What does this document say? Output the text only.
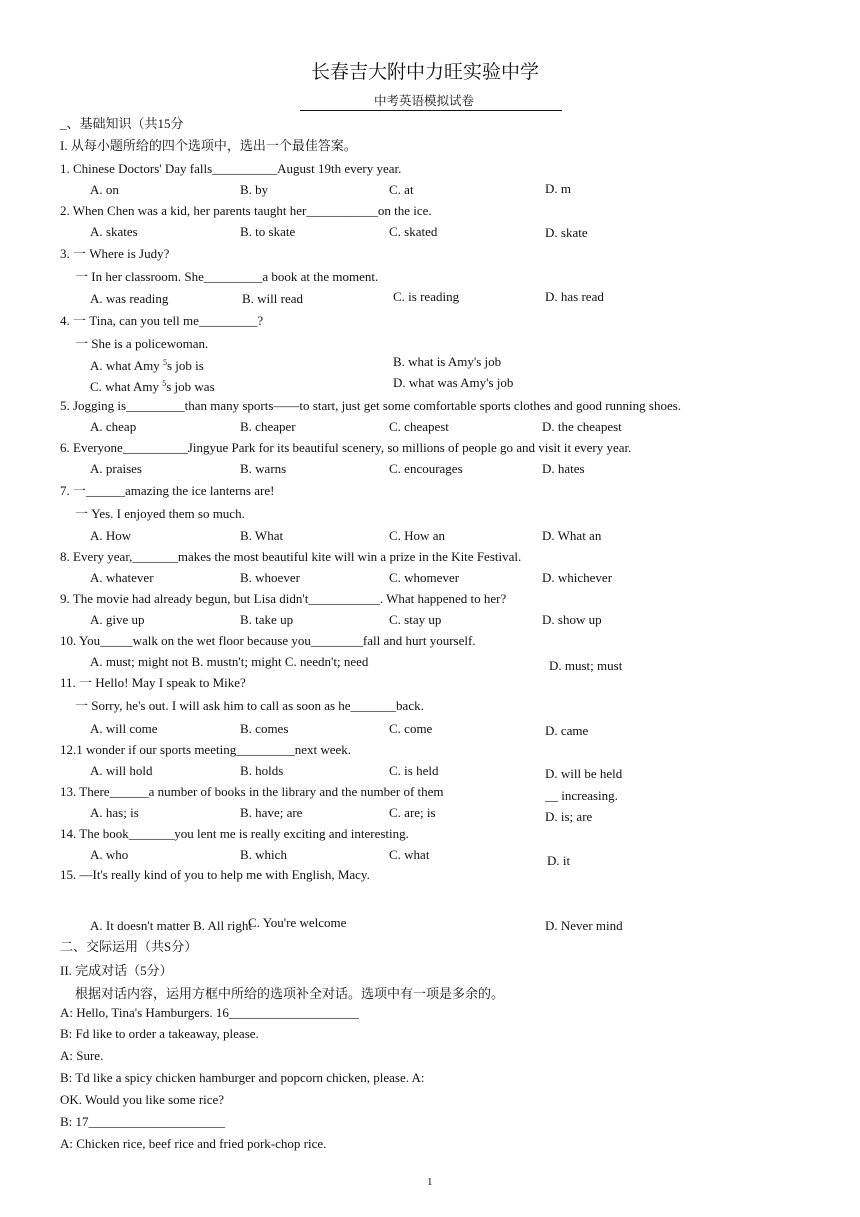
长春吉大附中力旺实验中学
中考英语模拟试卷
_、基础知识（共15分
I. 从每小题所给的四个选项中，选出一个最佳答案。
1. Chinese Doctors' Day falls__________August 19th every year.
A. on	B. by	C. at	D. m
2. When Chen was a kid, her parents taught her___________on the ice.
A. skates	B. to skate	C. skated	D. skate
3. 一 Where is Judy?
一 In her classroom. She_________a book at the moment.
A. was reading	B. will read	C. is reading	D. has read
4. 一 Tina, can you tell me_________?
一 She is a policewoman.
A. what Amy $^5$s job is	B. what is Amy's job
C. what Amy $^5$s job was	D. what was Amy's job
5. Jogging is_________than many sports——to start, just get some comfortable sports clothes and good running shoes.
A. cheap	B. cheaper	C. cheapest	D. the cheapest
6. Everyone__________Jingyue Park for its beautiful scenery, so millions of people go and visit it every year.
A. praises	B. warns	C. encourages	D. hates
7. 一______amazing the ice lanterns are!
一 Yes. I enjoyed them so much.
A. How	B. What	C. How an	D. What an
8. Every year,_______makes the most beautiful kite will win a prize in the Kite Festival.
A. whatever	B. whoever	C. whomever	D. whichever
9. The movie had already begun, but Lisa didn't___________. What happened to her?
A. give up	B. take up	C. stay up	D. show up
10. You_____walk on the wet floor because you________fall and hurt yourself.
A. must; might not B. mustn't; might C. needn't; need	D. must; must
11. 一 Hello! May I speak to Mike?
一 Sorry, he's out. I will ask him to call as soon as he_______back.
A. will come	B. comes	C. come	D. came
12.1 wonder if our sports meeting_________next week.
A. will hold	B. holds	C. is held	D. will be held
13. There______a number of books in the library and the number of them	__ increasing.
A. has; is	B. have; are	C. are; is	D. is; are
14. The book_______you lent me is really exciting and interesting.
A. who	B. which	C. what	D. it
15. —It's really kind of you to help me with English, Macy.
A. It doesn't matter B. All right
C. You're welcome	D. Never mind
二、交际运用（共S分）
II. 完成对话（5分）
根据对话内容，运用方框中所给的选项补全对话。选项中有一项是多余的。
A: Hello, Tina's Hamburgers. 16____________________
B: Fd like to order a takeaway, please.
A: Sure.
B: Td like a spicy chicken hamburger and popcorn chicken, please. A:
OK. Would you like some rice?
B: 17_____________________
A: Chicken rice, beef rice and fried pork-chop rice.
1
